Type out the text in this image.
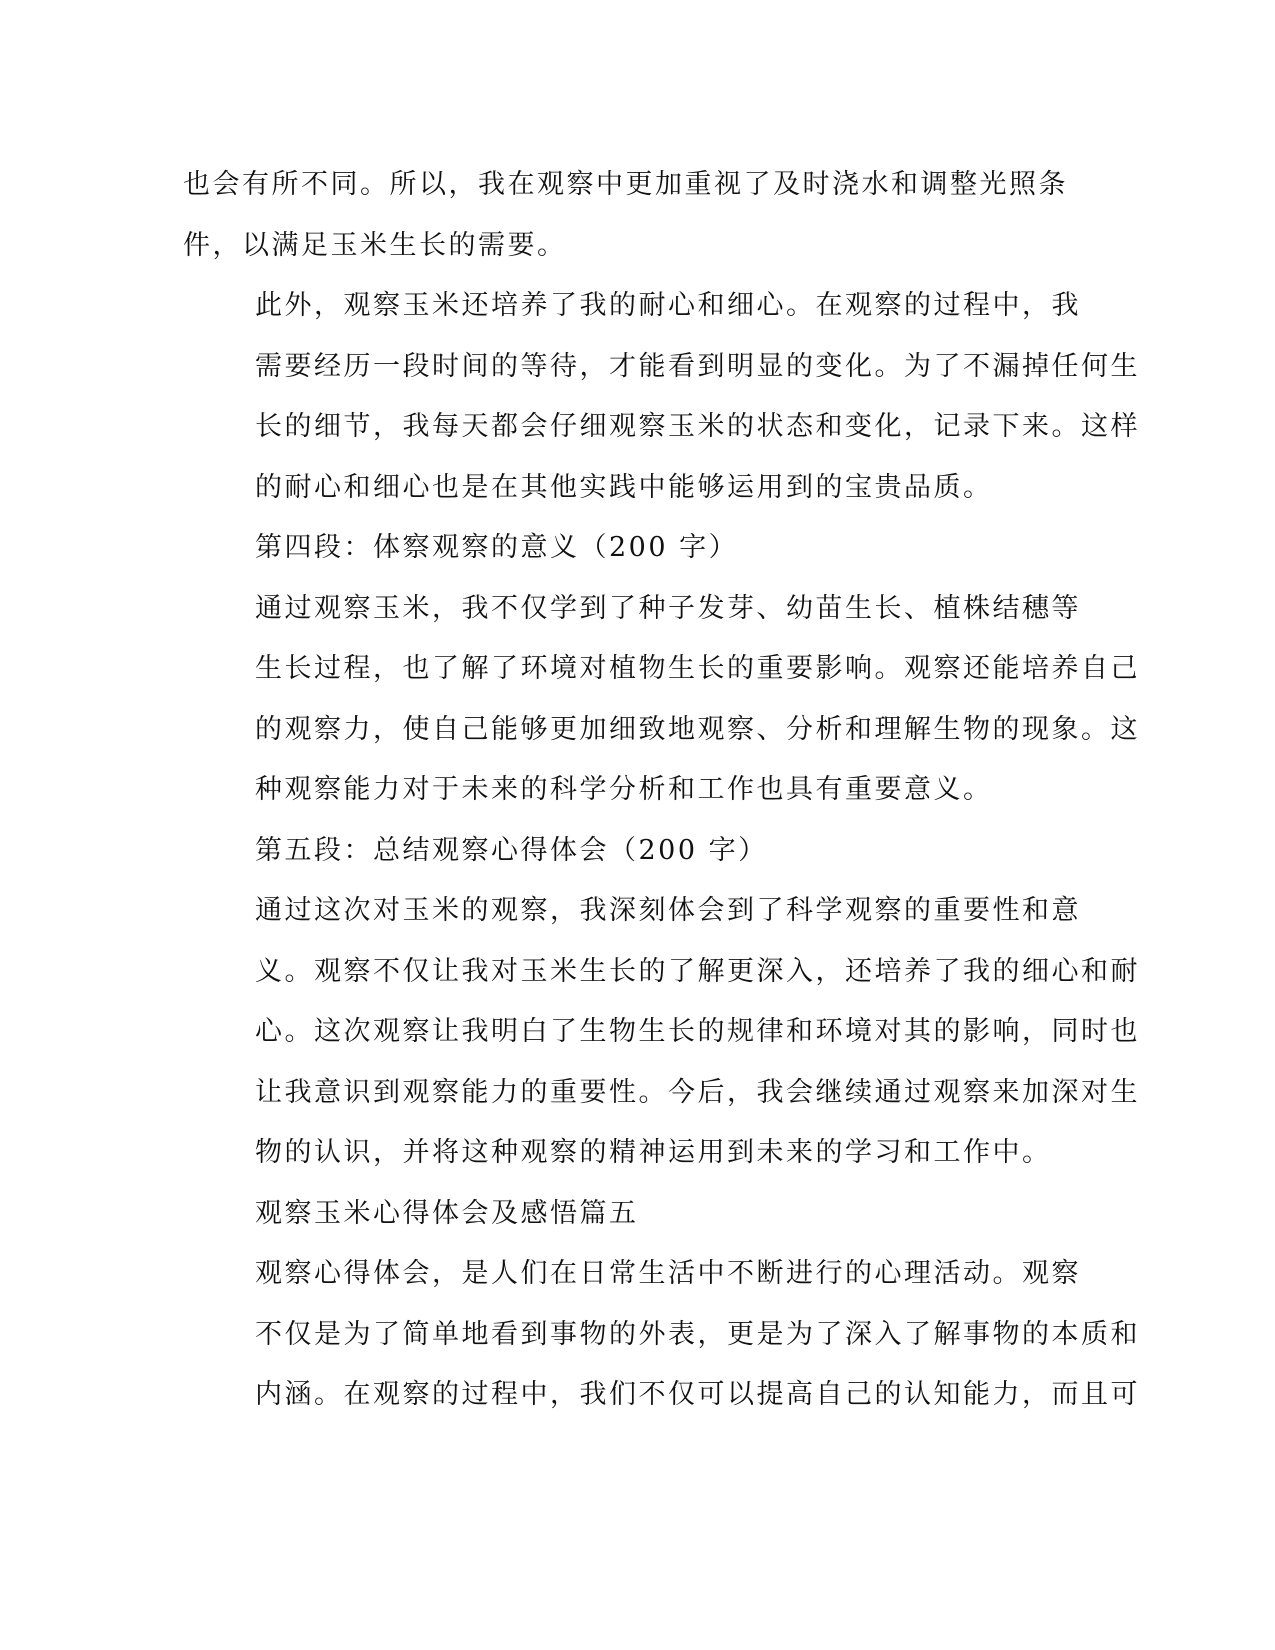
也会有所不同。所以，我在观察中更加重视了及时浇水和调整光照条
件，以满足玉米生长的需要。

此外，观察玉米还培养了我的耐心和细心。在观察的过程中，我
需要经历一段时间的等待，才能看到明显的变化。为了不漏掉任何生
长的细节，我每天都会仔细观察玉米的状态和变化，记录下来。这样
的耐心和细心也是在其他实践中能够运用到的宝贵品质。

第四段：体察观察的意义（200 字）

通过观察玉米，我不仅学到了种子发芽、幼苗生长、植株结穗等
生长过程，也了解了环境对植物生长的重要影响。观察还能培养自己
的观察力，使自己能够更加细致地观察、分析和理解生物的现象。这
种观察能力对于未来的科学分析和工作也具有重要意义。

第五段：总结观察心得体会（200 字）

通过这次对玉米的观察，我深刻体会到了科学观察的重要性和意
义。观察不仅让我对玉米生长的了解更深入，还培养了我的细心和耐
心。这次观察让我明白了生物生长的规律和环境对其的影响，同时也
让我意识到观察能力的重要性。今后，我会继续通过观察来加深对生
物的认识，并将这种观察的精神运用到未来的学习和工作中。

观察玉米心得体会及感悟篇五

观察心得体会，是人们在日常生活中不断进行的心理活动。观察
不仅是为了简单地看到事物的外表，更是为了深入了解事物的本质和
内涵。在观察的过程中，我们不仅可以提高自己的认知能力，而且可
